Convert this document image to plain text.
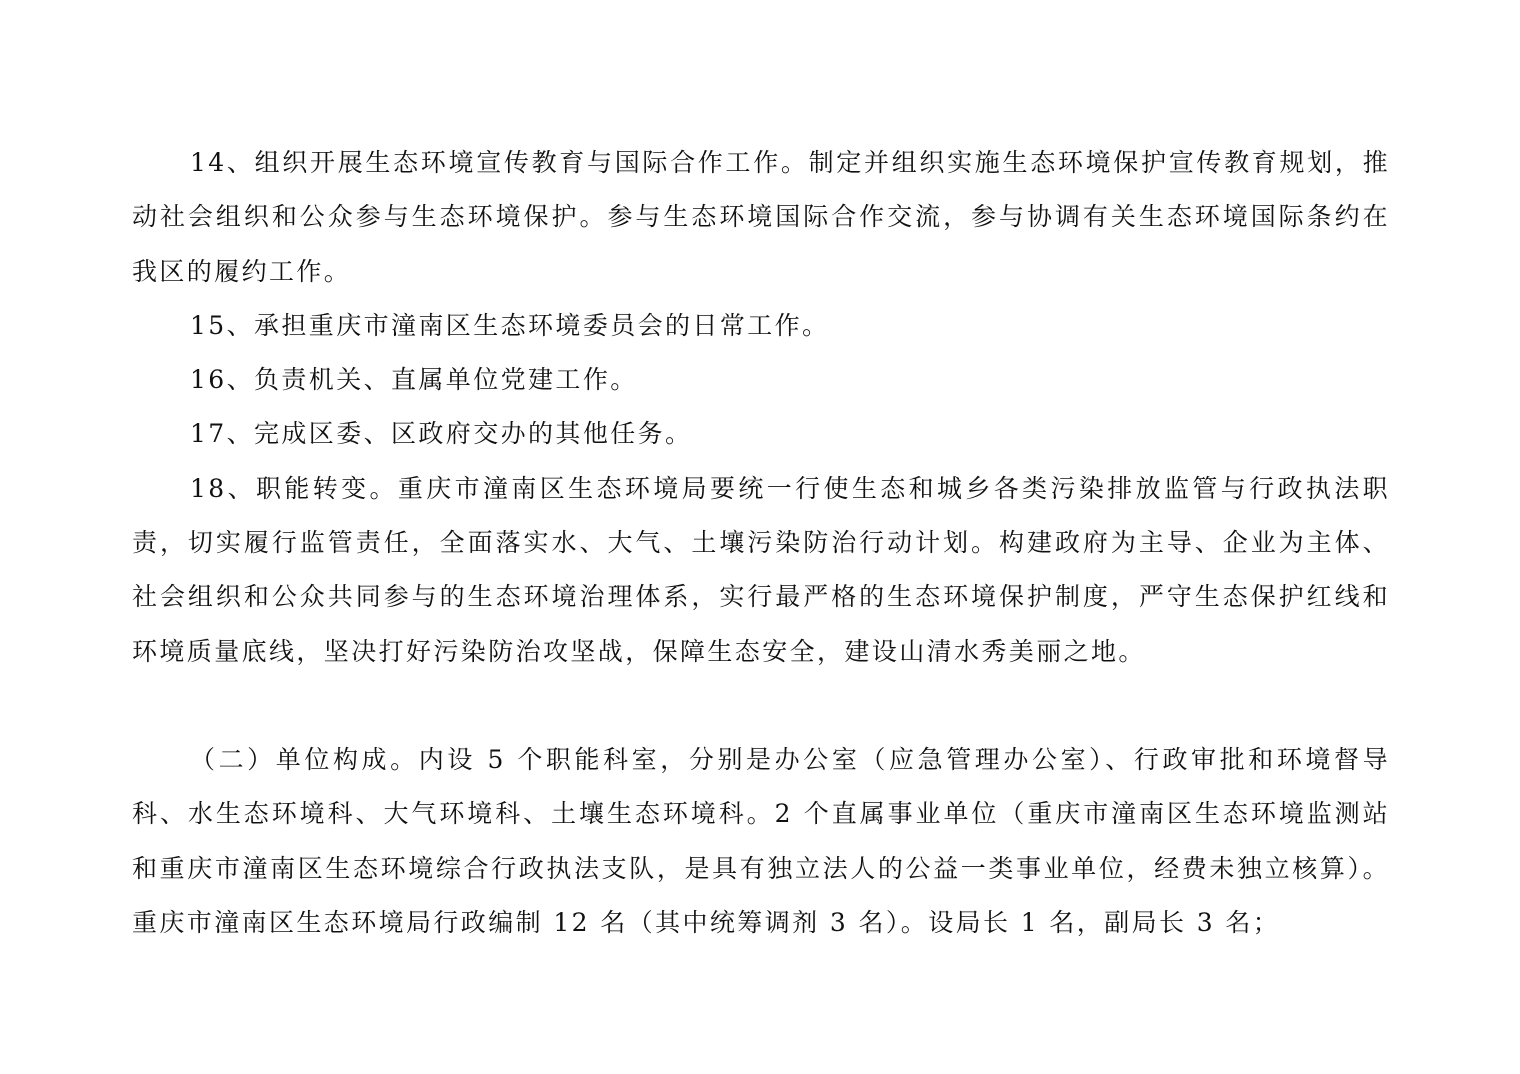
14、组织开展生态环境宣传教育与国际合作工作。制定并组织实施生态环境保护宣传教育规划，推动社会组织和公众参与生态环境保护。参与生态环境国际合作交流，参与协调有关生态环境国际条约在我区的履约工作。

15、承担重庆市潼南区生态环境委员会的日常工作。

16、负责机关、直属单位党建工作。

17、完成区委、区政府交办的其他任务。

18、职能转变。重庆市潼南区生态环境局要统一行使生态和城乡各类污染排放监管与行政执法职责，切实履行监管责任，全面落实水、大气、土壤污染防治行动计划。构建政府为主导、企业为主体、社会组织和公众共同参与的生态环境治理体系，实行最严格的生态环境保护制度，严守生态保护红线和环境质量底线，坚决打好污染防治攻坚战，保障生态安全，建设山清水秀美丽之地。

（二）单位构成。内设 5 个职能科室，分别是办公室（应急管理办公室）、行政审批和环境督导科、水生态环境科、大气环境科、土壤生态环境科。2 个直属事业单位（重庆市潼南区生态环境监测站和重庆市潼南区生态环境综合行政执法支队，是具有独立法人的公益一类事业单位，经费未独立核算）。重庆市潼南区生态环境局行政编制 12 名（其中统筹调剂 3 名）。设局长 1 名，副局长 3 名；
